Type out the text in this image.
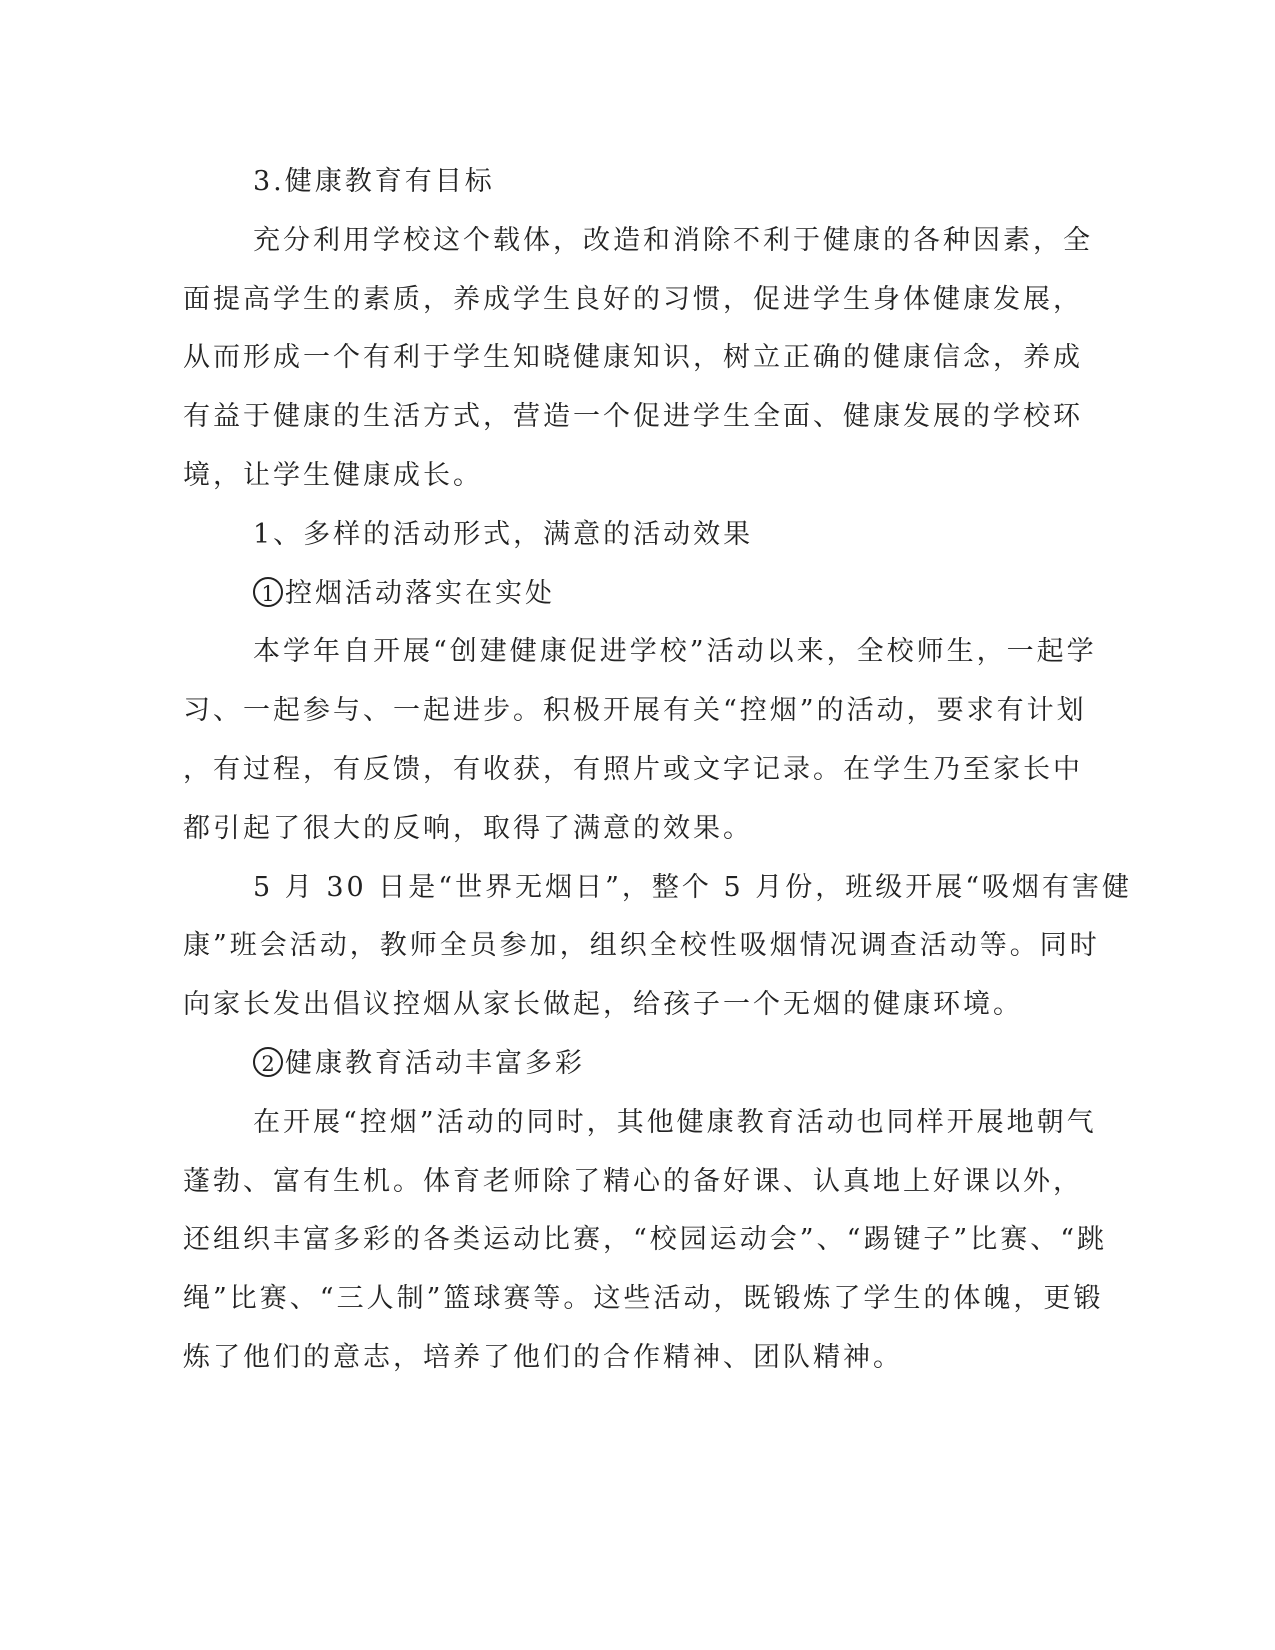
3.健康教育有目标
充分利用学校这个载体，改造和消除不利于健康的各种因素，全
面提高学生的素质，养成学生良好的习惯，促进学生身体健康发展，
从而形成一个有利于学生知晓健康知识，树立正确的健康信念，养成
有益于健康的生活方式，营造一个促进学生全面、健康发展的学校环
境，让学生健康成长。
1、多样的活动形式，满意的活动效果
1 控烟活动落实在实处
本学年自开展“创建健康促进学校”活动以来，全校师生，一起学
习、一起参与、一起进步。积极开展有关“控烟”的活动，要求有计划
，有过程，有反馈，有收获，有照片或文字记录。在学生乃至家长中
都引起了很大的反响，取得了满意的效果。
5 月 30 日是“世界无烟日”，整个 5 月份，班级开展“吸烟有害健
康”班会活动，教师全员参加，组织全校性吸烟情况调查活动等。同时
向家长发出倡议控烟从家长做起，给孩子一个无烟的健康环境。
2 健康教育活动丰富多彩
在开展“控烟”活动的同时，其他健康教育活动也同样开展地朝气
蓬勃、富有生机。体育老师除了精心的备好课、认真地上好课以外，
还组织丰富多彩的各类运动比赛，“校园运动会”、“踢键子”比赛、“跳
绳”比赛、“三人制”篮球赛等。这些活动，既锻炼了学生的体魄，更锻
炼了他们的意志，培养了他们的合作精神、团队精神。
